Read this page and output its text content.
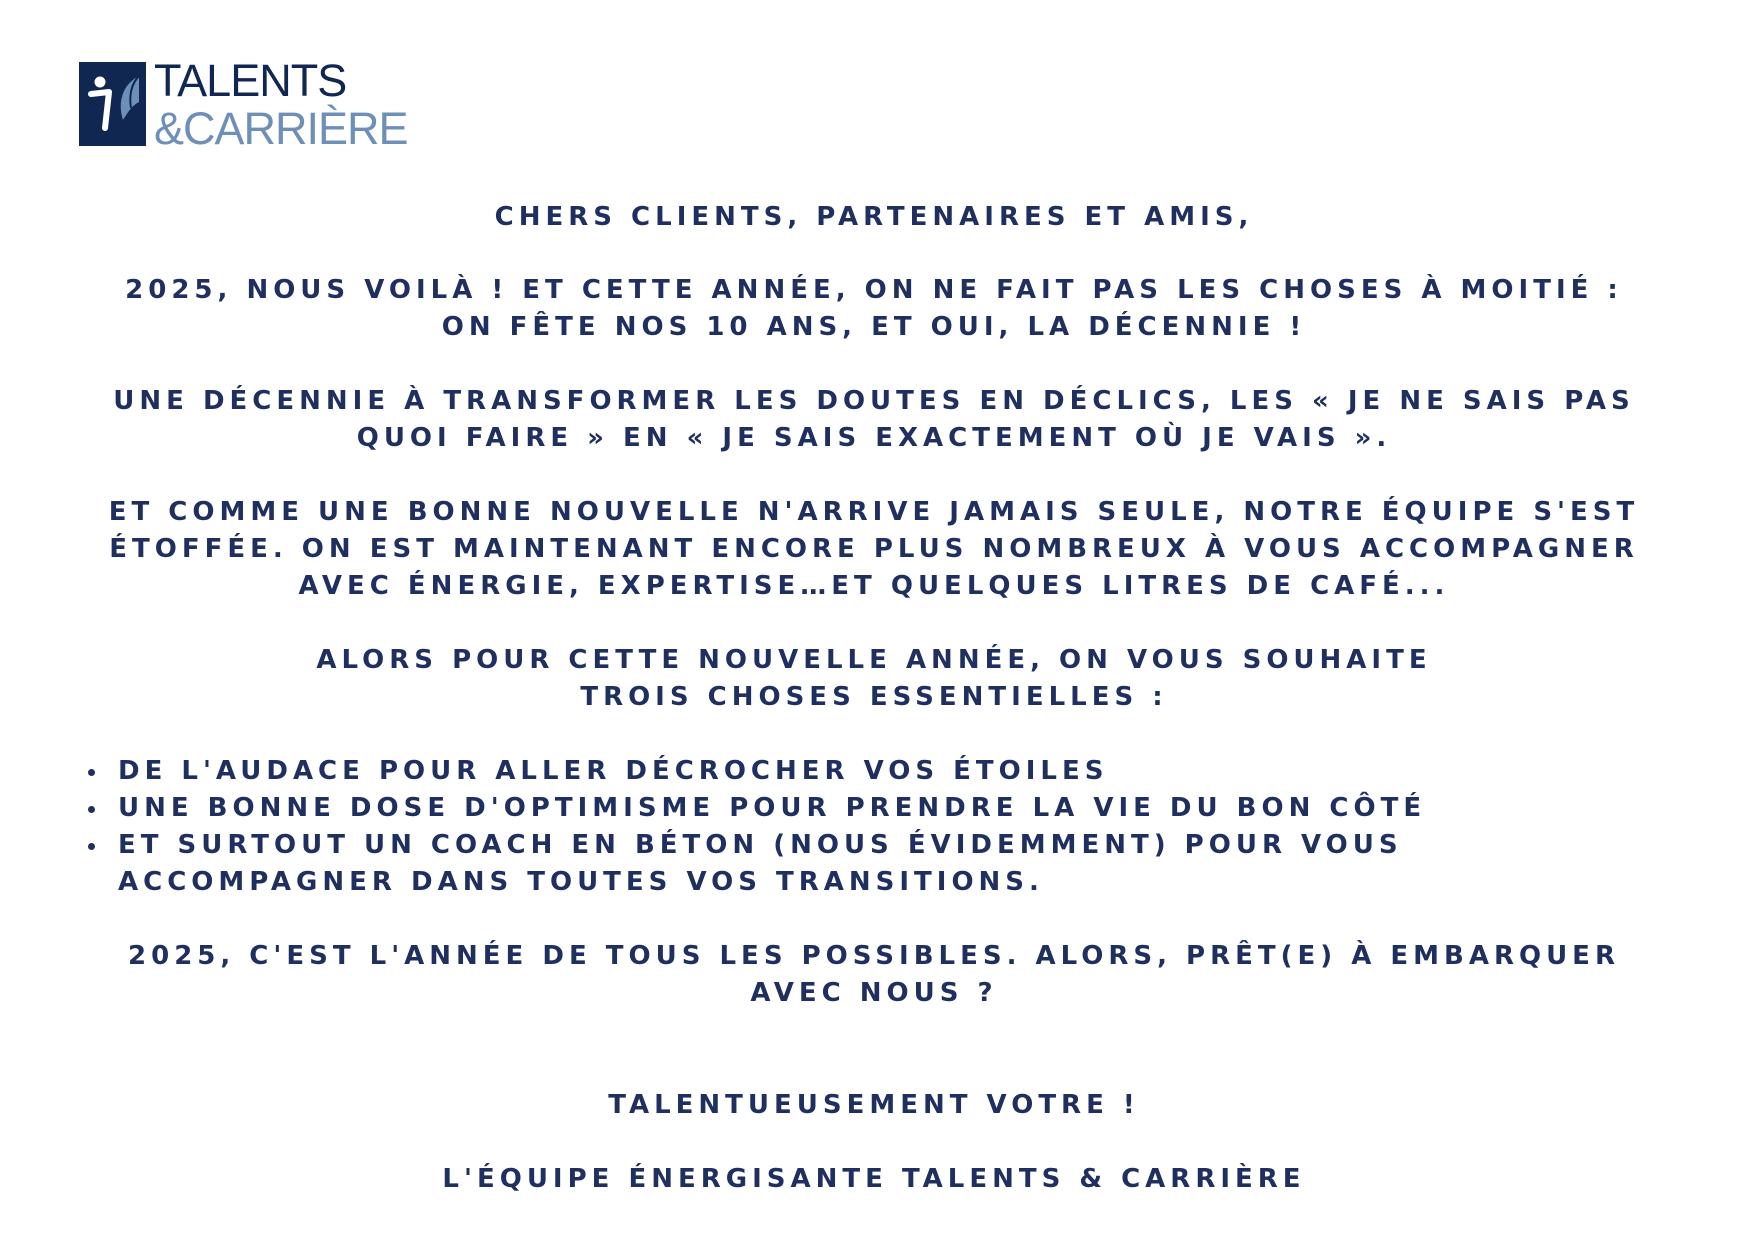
TALENTS
&CARRIÈRE

CHERS CLIENTS, PARTENAIRES ET AMIS,

2025, NOUS VOILÀ ! ET CETTE ANNÉE, ON NE FAIT PAS LES CHOSES À MOITIÉ :
ON FÊTE NOS 10 ANS, ET OUI, LA DÉCENNIE !

UNE DÉCENNIE À TRANSFORMER LES DOUTES EN DÉCLICS, LES « JE NE SAIS PAS
QUOI FAIRE » EN « JE SAIS EXACTEMENT OÙ JE VAIS ».

ET COMME UNE BONNE NOUVELLE N'ARRIVE JAMAIS SEULE, NOTRE ÉQUIPE S'EST
ÉTOFFÉE. ON EST MAINTENANT ENCORE PLUS NOMBREUX À VOUS ACCOMPAGNER
AVEC ÉNERGIE, EXPERTISE…ET QUELQUES LITRES DE CAFÉ...

ALORS POUR CETTE NOUVELLE ANNÉE, ON VOUS SOUHAITE
TROIS CHOSES ESSENTIELLES :

DE L'AUDACE POUR ALLER DÉCROCHER VOS ÉTOILES
UNE BONNE DOSE D'OPTIMISME POUR PRENDRE LA VIE DU BON CÔTÉ
ET SURTOUT UN COACH EN BÉTON (NOUS ÉVIDEMMENT) POUR VOUS
ACCOMPAGNER DANS TOUTES VOS TRANSITIONS.

2025, C'EST L'ANNÉE DE TOUS LES POSSIBLES. ALORS, PRÊT(E) À EMBARQUER
AVEC NOUS ?

TALENTUEUSEMENT VOTRE !

L'ÉQUIPE ÉNERGISANTE TALENTS & CARRIÈRE
